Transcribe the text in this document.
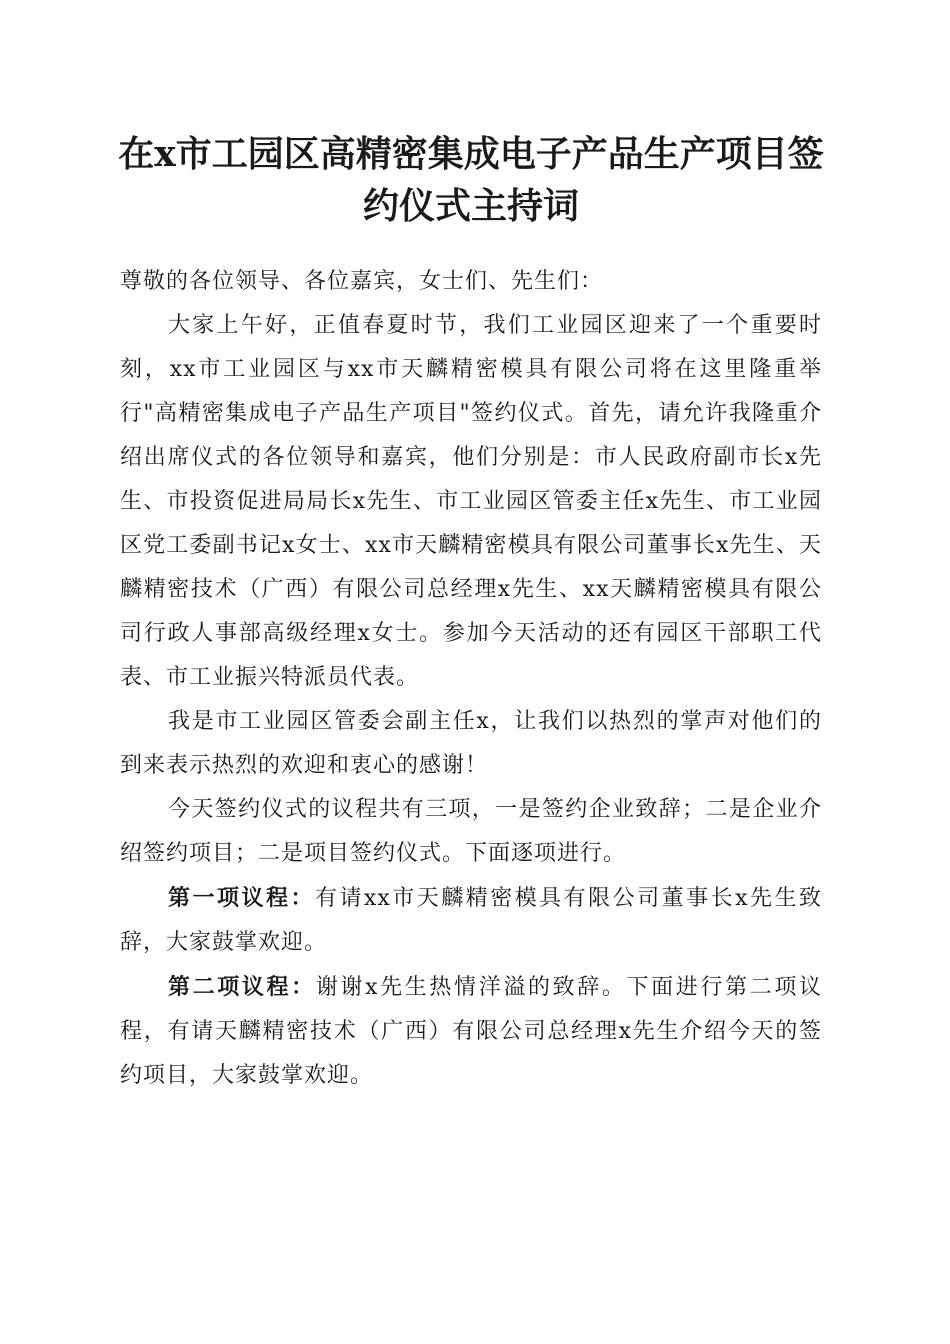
在x市工园区高精密集成电子产品生产项目签
约仪式主持词

尊敬的各位领导、各位嘉宾，女士们、先生们：

大家上午好，正值春夏时节，我们工业园区迎来了一个重要时刻，xx市工业园区与xx市天麟精密模具有限公司将在这里隆重举行"高精密集成电子产品生产项目"签约仪式。首先，请允许我隆重介绍出席仪式的各位领导和嘉宾，他们分别是：市人民政府副市长x先生、市投资促进局局长x先生、市工业园区管委主任x先生、市工业园区党工委副书记x女士、xx市天麟精密模具有限公司董事长x先生、天麟精密技术（广西）有限公司总经理x先生、xx天麟精密模具有限公司行政人事部高级经理x女士。参加今天活动的还有园区干部职工代表、市工业振兴特派员代表。

我是市工业园区管委会副主任x，让我们以热烈的掌声对他们的到来表示热烈的欢迎和衷心的感谢！

今天签约仪式的议程共有三项，一是签约企业致辞；二是企业介绍签约项目；二是项目签约仪式。下面逐项进行。

第一项议程：有请xx市天麟精密模具有限公司董事长x先生致辞，大家鼓掌欢迎。

第二项议程：谢谢x先生热情洋溢的致辞。下面进行第二项议程，有请天麟精密技术（广西）有限公司总经理x先生介绍今天的签约项目，大家鼓掌欢迎。
